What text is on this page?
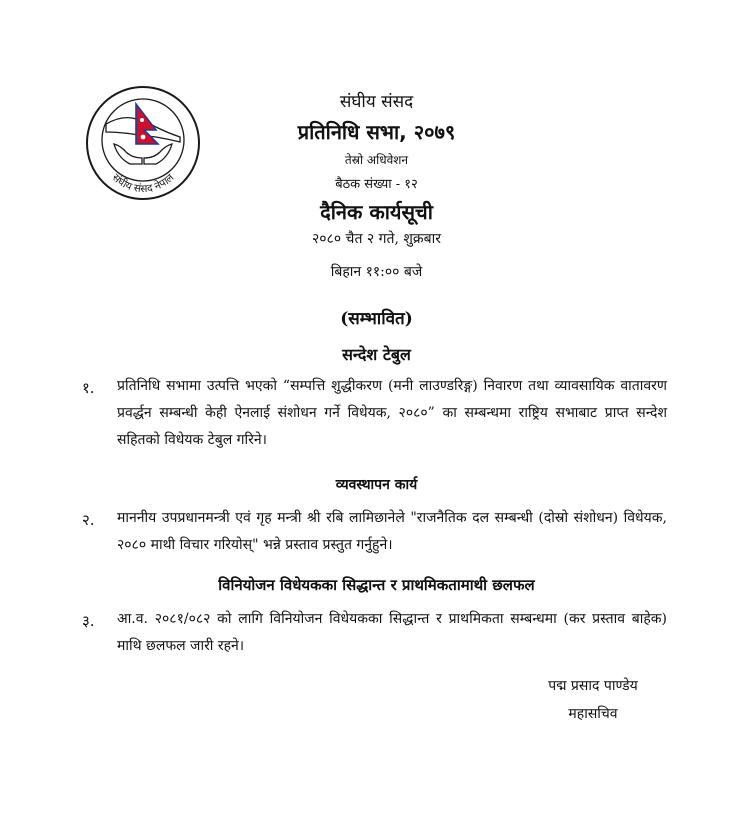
संघीय संसद नेपाल
संघीय संसद
प्रतिनिधि सभा, २०७९
तेस्रो अधिवेशन
बैठक संख्या - १२
दैनिक कार्यसूची
२०८० चैत २ गते, शुक्रबार
बिहान ११:०० बजे
(सम्भावित)
सन्देश टेबुल
१. प्रतिनिधि सभामा उत्पत्ति भएको “सम्पत्ति शुद्धीकरण (मनी लाउण्डरिङ्ग) निवारण तथा व्यावसायिक वातावरण प्रवर्द्धन सम्बन्धी केही ऐनलाई संशोधन गर्ने विधेयक, २०८०” का सम्बन्धमा राष्ट्रिय सभाबाट प्राप्त सन्देश सहितको विधेयक टेबुल गरिने।
व्यवस्थापन कार्य
२. माननीय उपप्रधानमन्त्री एवं गृह मन्त्री श्री रबि लामिछानेले "राजनैतिक दल सम्बन्धी (दोस्रो संशोधन) विधेयक, २०८० माथी विचार गरियोस्" भन्ने प्रस्ताव प्रस्तुत गर्नुहुने।
विनियोजन विधेयकका सिद्धान्त र प्राथमिकतामाथी छलफल
३. आ.व. २०८१/०८२ को लागि विनियोजन विधेयकका सिद्धान्त र प्राथमिकता सम्बन्धमा (कर प्रस्ताव बाहेक) माथि छलफल जारी रहने।
पद्म प्रसाद पाण्डेय
महासचिव
